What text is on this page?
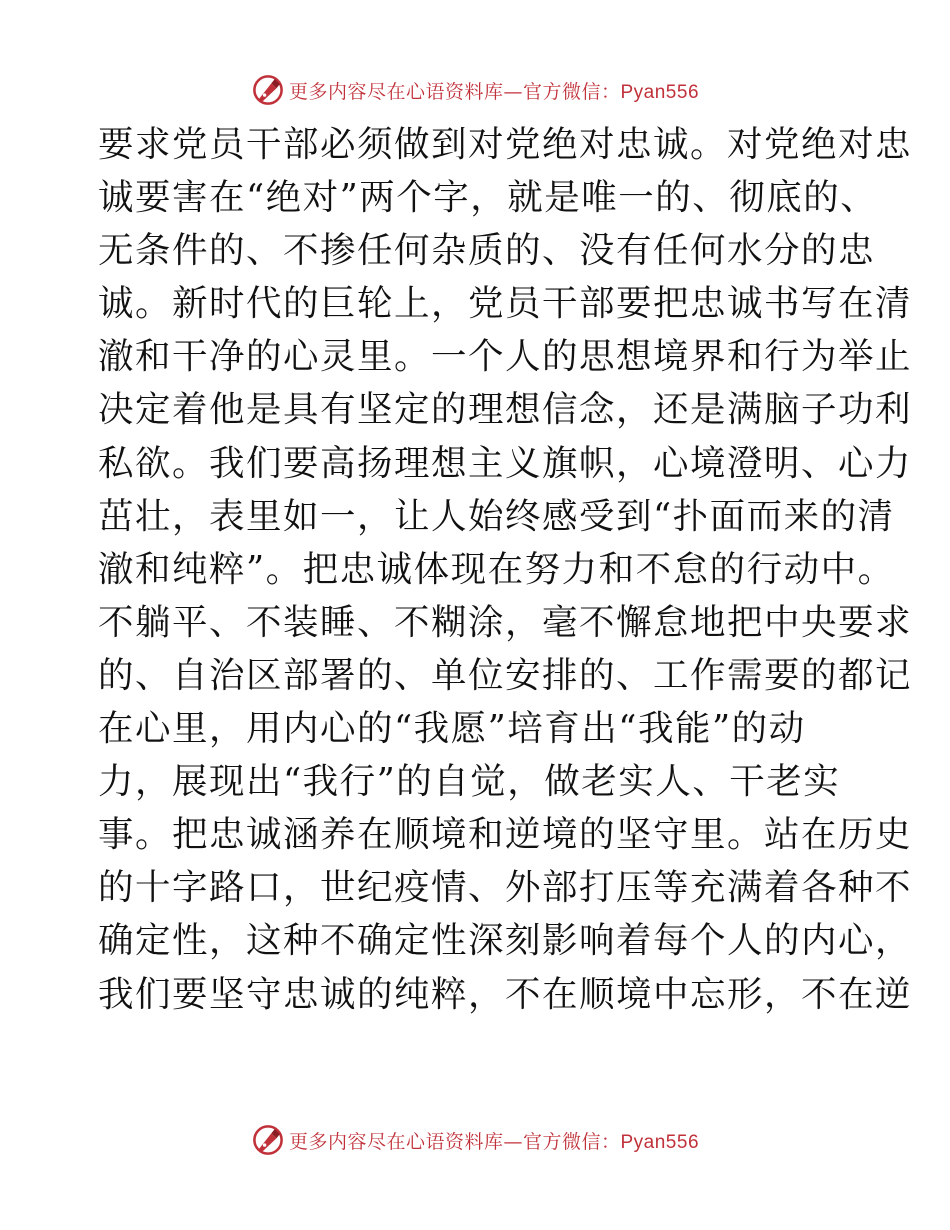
更多内容尽在心语资料库—官方微信：Pyan556

要求党员干部必须做到对党绝对忠诚。对党绝对忠

诚要害在“绝对”两个字，就是唯一的、彻底的、

无条件的、不掺任何杂质的、没有任何水分的忠

诚。新时代的巨轮上，党员干部要把忠诚书写在清

澈和干净的心灵里。一个人的思想境界和行为举止

决定着他是具有坚定的理想信念，还是满脑子功利

私欲。我们要高扬理想主义旗帜，心境澄明、心力

茁壮，表里如一，让人始终感受到“扑面而来的清

澈和纯粹”。把忠诚体现在努力和不怠的行动中。

不躺平、不装睡、不糊涂，毫不懈怠地把中央要求

的、自治区部署的、单位安排的、工作需要的都记

在心里，用内心的“我愿”培育出“我能”的动

力，展现出“我行”的自觉，做老实人、干老实

事。把忠诚涵养在顺境和逆境的坚守里。站在历史

的十字路口，世纪疫情、外部打压等充满着各种不

确定性，这种不确定性深刻影响着每个人的内心，

我们要坚守忠诚的纯粹，不在顺境中忘形，不在逆

更多内容尽在心语资料库—官方微信：Pyan556
